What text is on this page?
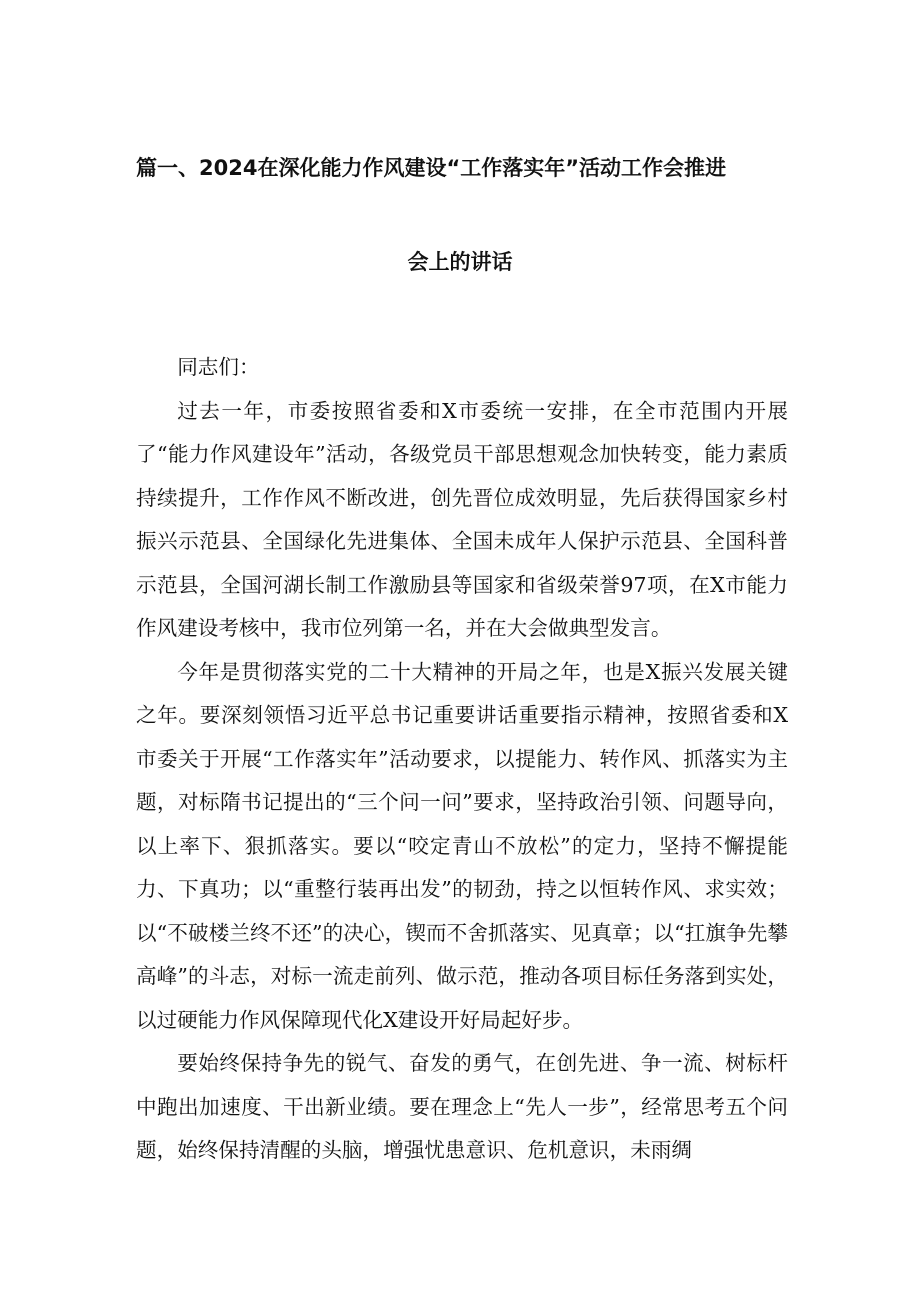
篇一、2024在深化能力作风建设“工作落实年”活动工作会推进
会上的讲话

同志们：

过去一年，市委按照省委和X市委统一安排，在全市范围内开展了“能力作风建设年”活动，各级党员干部思想观念加快转变，能力素质持续提升，工作作风不断改进，创先晋位成效明显，先后获得国家乡村振兴示范县、全国绿化先进集体、全国未成年人保护示范县、全国科普示范县，全国河湖长制工作激励县等国家和省级荣誉97项，在X市能力作风建设考核中，我市位列第一名，并在大会做典型发言。

今年是贯彻落实党的二十大精神的开局之年，也是X振兴发展关键之年。要深刻领悟习近平总书记重要讲话重要指示精神，按照省委和X市委关于开展“工作落实年”活动要求，以提能力、转作风、抓落实为主题，对标隋书记提出的“三个问一问”要求，坚持政治引领、问题导向，以上率下、狠抓落实。要以“咬定青山不放松”的定力，坚持不懈提能力、下真功；以“重整行装再出发”的韧劲，持之以恒转作风、求实效；以“不破楼兰终不还”的决心，锲而不舍抓落实、见真章；以“扛旗争先攀高峰”的斗志，对标一流走前列、做示范，推动各项目标任务落到实处，以过硬能力作风保障现代化X建设开好局起好步。

要始终保持争先的锐气、奋发的勇气，在创先进、争一流、树标杆中跑出加速度、干出新业绩。要在理念上“先人一步”，经常思考五个问题，始终保持清醒的头脑，增强忧患意识、危机意识，未雨绸
